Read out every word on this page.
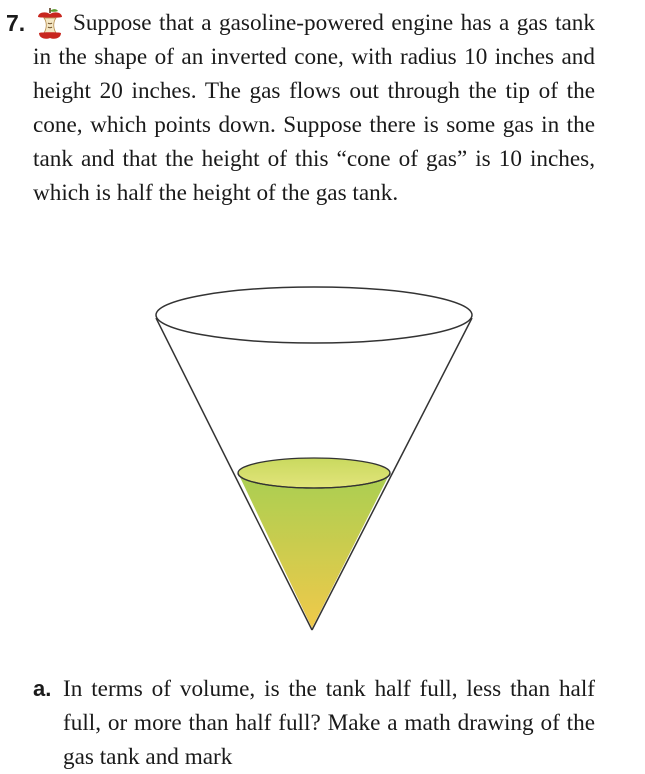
7.	Suppose that a gasoline-powered engine has a gas tank in the shape of an inverted cone, with radius 10 inches and height 20 inches. The gas flows out through the tip of the cone, which points down. Suppose there is some gas in the tank and that the height of this “cone of gas” is 10 inches, which is half the height of the gas tank.

a. In terms of volume, is the tank half full, less than half full, or more than half full? Make a math drawing of the gas tank and mark
